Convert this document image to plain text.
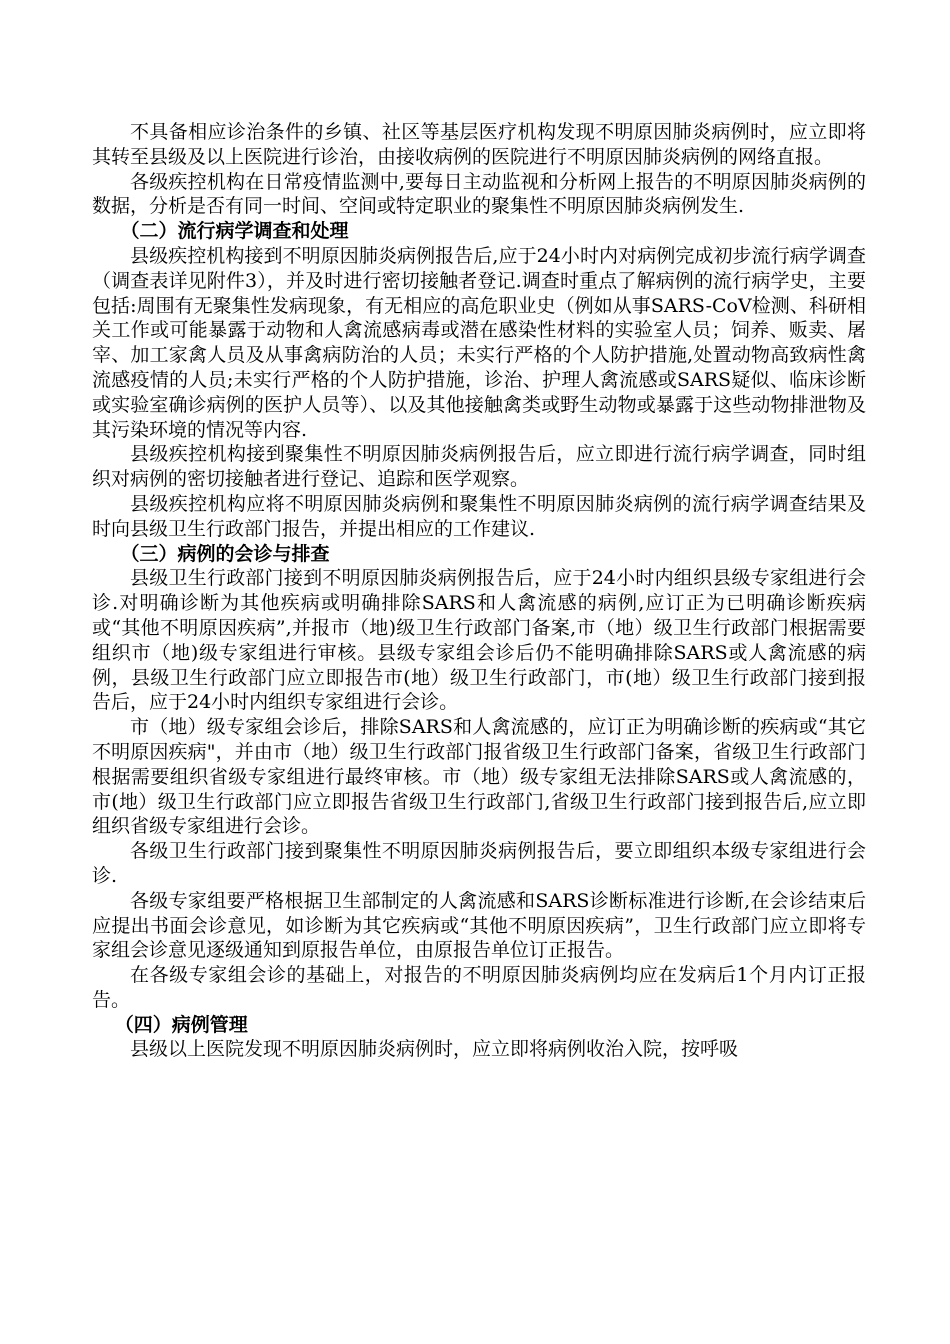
不具备相应诊治条件的乡镇、社区等基层医疗机构发现不明原因肺炎病例时，应立即将其转至县级及以上医院进行诊治，由接收病例的医院进行不明原因肺炎病例的网络直报。

各级疾控机构在日常疫情监测中,要每日主动监视和分析网上报告的不明原因肺炎病例的数据，分析是否有同一时间、空间或特定职业的聚集性不明原因肺炎病例发生.

（二）流行病学调查和处理

县级疾控机构接到不明原因肺炎病例报告后,应于24小时内对病例完成初步流行病学调查（调查表详见附件3），并及时进行密切接触者登记.调查时重点了解病例的流行病学史，主要包括:周围有无聚集性发病现象，有无相应的高危职业史（例如从事SARS-CoV检测、科研相关工作或可能暴露于动物和人禽流感病毒或潜在感染性材料的实验室人员；饲养、贩卖、屠宰、加工家禽人员及从事禽病防治的人员；未实行严格的个人防护措施,处置动物高致病性禽流感疫情的人员;未实行严格的个人防护措施，诊治、护理人禽流感或SARS疑似、临床诊断或实验室确诊病例的医护人员等）、以及其他接触禽类或野生动物或暴露于这些动物排泄物及其污染环境的情况等内容.

县级疾控机构接到聚集性不明原因肺炎病例报告后，应立即进行流行病学调查，同时组织对病例的密切接触者进行登记、追踪和医学观察。

县级疾控机构应将不明原因肺炎病例和聚集性不明原因肺炎病例的流行病学调查结果及时向县级卫生行政部门报告，并提出相应的工作建议.

（三）病例的会诊与排查

县级卫生行政部门接到不明原因肺炎病例报告后，应于24小时内组织县级专家组进行会诊.对明确诊断为其他疾病或明确排除SARS和人禽流感的病例,应订正为已明确诊断疾病或“其他不明原因疾病”,并报市（地)级卫生行政部门备案,市（地）级卫生行政部门根据需要组织市（地)级专家组进行审核。县级专家组会诊后仍不能明确排除SARS或人禽流感的病例，县级卫生行政部门应立即报告市(地）级卫生行政部门，市(地）级卫生行政部门接到报告后，应于24小时内组织专家组进行会诊。

市（地）级专家组会诊后，排除SARS和人禽流感的，应订正为明确诊断的疾病或“其它不明原因疾病"，并由市（地）级卫生行政部门报省级卫生行政部门备案，省级卫生行政部门根据需要组织省级专家组进行最终审核。市（地）级专家组无法排除SARS或人禽流感的，市(地）级卫生行政部门应立即报告省级卫生行政部门,省级卫生行政部门接到报告后,应立即组织省级专家组进行会诊。

各级卫生行政部门接到聚集性不明原因肺炎病例报告后，要立即组织本级专家组进行会诊.

各级专家组要严格根据卫生部制定的人禽流感和SARS诊断标准进行诊断,在会诊结束后应提出书面会诊意见，如诊断为其它疾病或“其他不明原因疾病”，卫生行政部门应立即将专家组会诊意见逐级通知到原报告单位，由原报告单位订正报告。

在各级专家组会诊的基础上，对报告的不明原因肺炎病例均应在发病后1个月内订正报告。

（四）病例管理

县级以上医院发现不明原因肺炎病例时，应立即将病例收治入院，按呼吸
